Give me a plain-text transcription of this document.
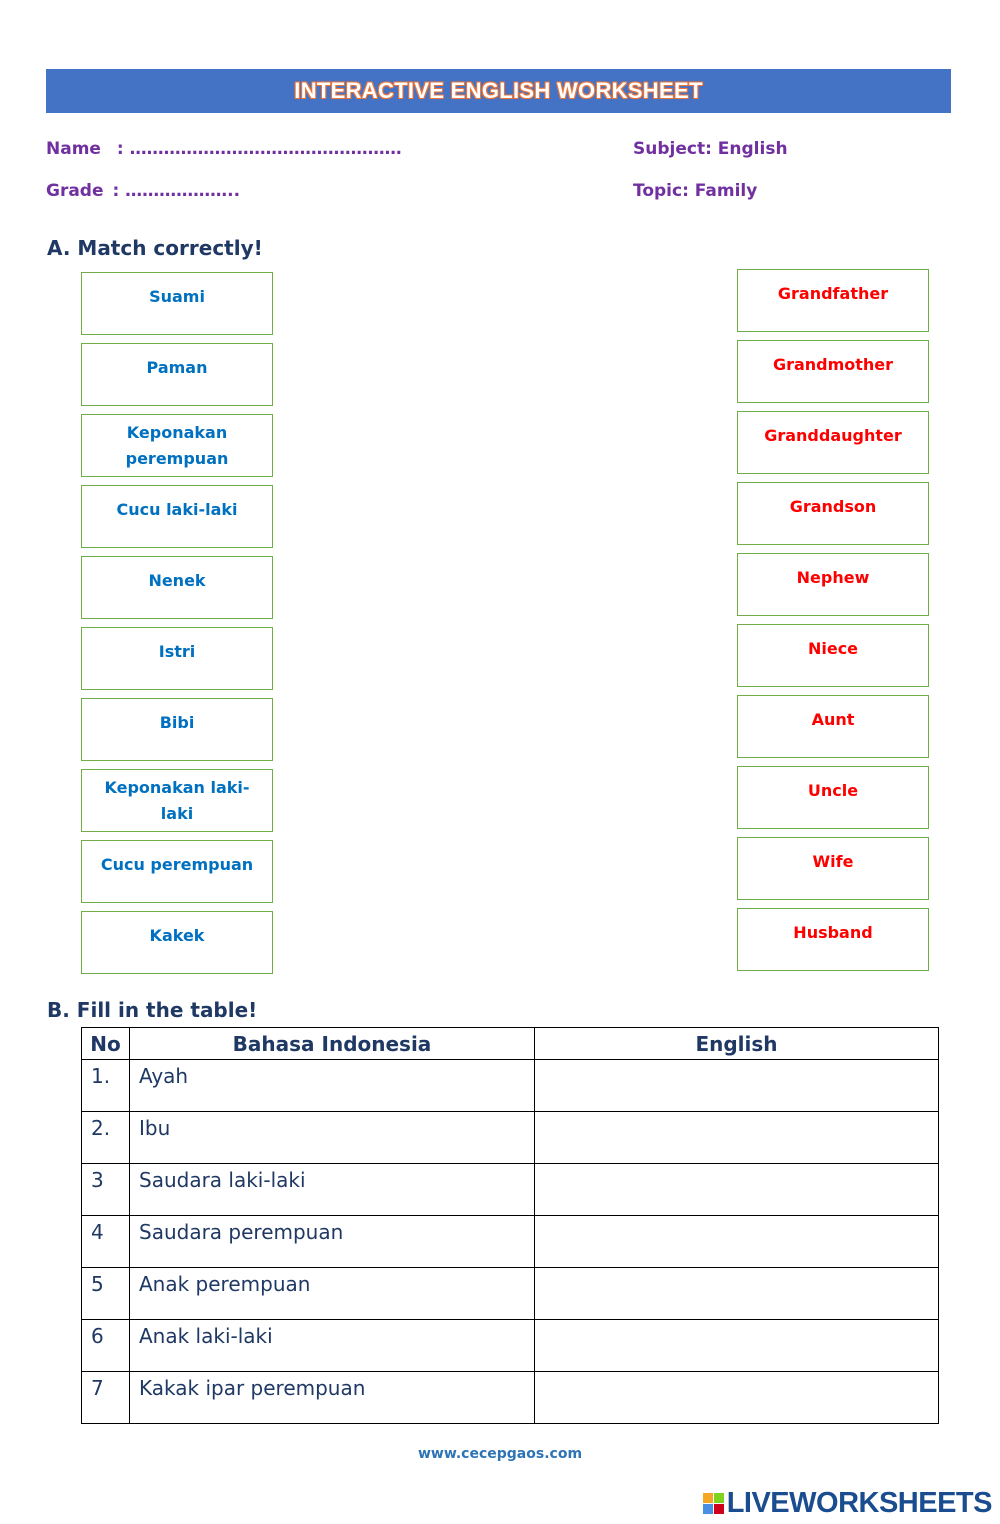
INTERACTIVE ENGLISH WORKSHEET
Name : …………………………………………
Grade : ………………..
Subject: English
Topic: Family
A. Match correctly!
Suami
Paman
Keponakan perempuan
Cucu laki-laki
Nenek
Istri
Bibi
Keponakan laki-laki
Cucu perempuan
Kakek
Grandfather
Grandmother
Granddaughter
Grandson
Nephew
Niece
Aunt
Uncle
Wife
Husband
B. Fill in the table!
No	Bahasa Indonesia	English
1.	Ayah	
2.	Ibu	
3	Saudara laki-laki	
4	Saudara perempuan	
5	Anak perempuan	
6	Anak laki-laki	
7	Kakak ipar perempuan	
www.cecepgaos.com
LIVEWORKSHEETS
